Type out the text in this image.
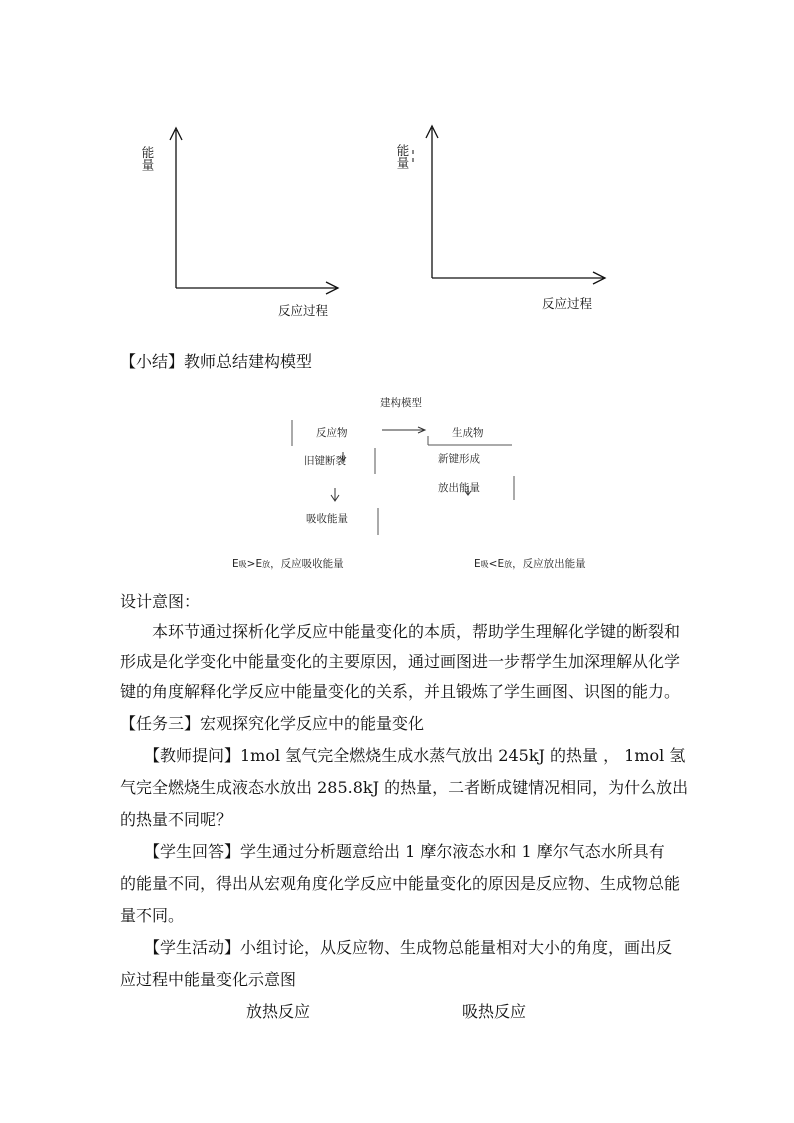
能量
反应过程
能量
反应过程
【小结】教师总结建构模型
建构模型
反应物	生成物
旧键断裂	新键形成
放出能量
吸收能量
E吸>E放，反应吸收能量	E吸<E放，反应放出能量
设计意图：
本环节通过探析化学反应中能量变化的本质，帮助学生理解化学键的断裂和
形成是化学变化中能量变化的主要原因，通过画图进一步帮学生加深理解从化学
键的角度解释化学反应中能量变化的关系，并且锻炼了学生画图、识图的能力。
【任务三】宏观探究化学反应中的能量变化
【教师提问】1mol 氢气完全燃烧生成水蒸气放出 245kJ 的热量 ， 1mol 氢
气完全燃烧生成液态水放出 285.8kJ 的热量，二者断成键情况相同，为什么放出
的热量不同呢？
【学生回答】学生通过分析题意给出 1 摩尔液态水和 1 摩尔气态水所具有
的能量不同，得出从宏观角度化学反应中能量变化的原因是反应物、生成物总能
量不同。
【学生活动】小组讨论，从反应物、生成物总能量相对大小的角度，画出反
应过程中能量变化示意图
放热反应	吸热反应
